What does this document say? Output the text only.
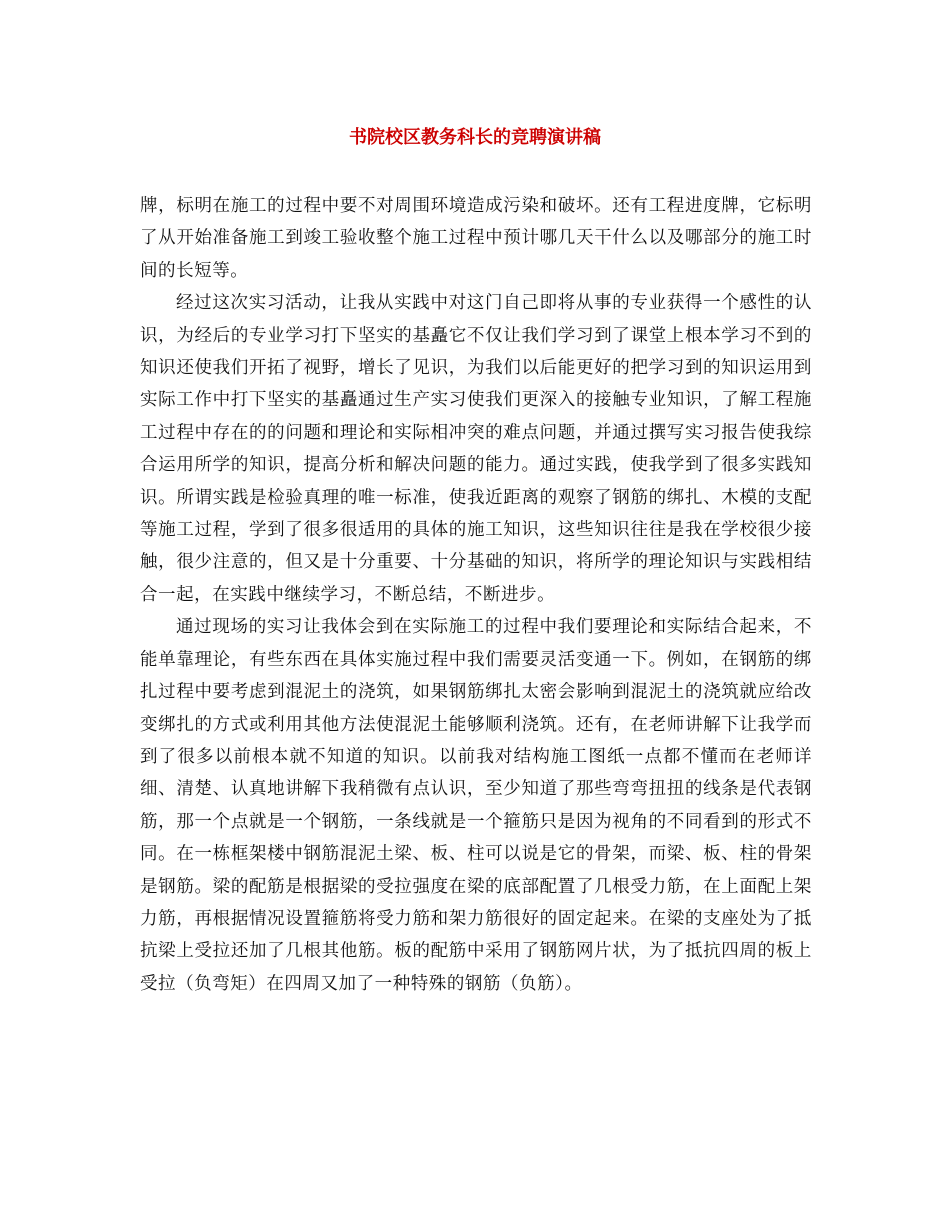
书院校区教务科长的竞聘演讲稿

牌，标明在施工的过程中要不对周围环境造成污染和破坏。还有工程进度牌，它标明了从开始准备施工到竣工验收整个施工过程中预计哪几天干什么以及哪部分的施工时间的长短等。

经过这次实习活动，让我从实践中对这门自己即将从事的专业获得一个感性的认识，为经后的专业学习打下坚实的基矗它不仅让我们学习到了课堂上根本学习不到的知识还使我们开拓了视野，增长了见识，为我们以后能更好的把学习到的知识运用到实际工作中打下坚实的基矗通过生产实习使我们更深入的接触专业知识，了解工程施工过程中存在的的问题和理论和实际相冲突的难点问题，并通过撰写实习报告使我综合运用所学的知识，提高分析和解决问题的能力。通过实践，使我学到了很多实践知识。所谓实践是检验真理的唯一标准，使我近距离的观察了钢筋的绑扎、木模的支配等施工过程，学到了很多很适用的具体的施工知识，这些知识往往是我在学校很少接触，很少注意的，但又是十分重要、十分基础的知识，将所学的理论知识与实践相结合一起，在实践中继续学习，不断总结，不断进步。

通过现场的实习让我体会到在实际施工的过程中我们要理论和实际结合起来，不能单靠理论，有些东西在具体实施过程中我们需要灵活变通一下。例如，在钢筋的绑扎过程中要考虑到混泥土的浇筑，如果钢筋绑扎太密会影响到混泥土的浇筑就应给改变绑扎的方式或利用其他方法使混泥土能够顺利浇筑。还有，在老师讲解下让我学而到了很多以前根本就不知道的知识。以前我对结构施工图纸一点都不懂而在老师详细、清楚、认真地讲解下我稍微有点认识，至少知道了那些弯弯扭扭的线条是代表钢筋，那一个点就是一个钢筋，一条线就是一个箍筋只是因为视角的不同看到的形式不同。在一栋框架楼中钢筋混泥土梁、板、柱可以说是它的骨架，而梁、板、柱的骨架是钢筋。梁的配筋是根据梁的受拉强度在梁的底部配置了几根受力筋，在上面配上架力筋，再根据情况设置箍筋将受力筋和架力筋很好的固定起来。在梁的支座处为了抵抗梁上受拉还加了几根其他筋。板的配筋中采用了钢筋网片状，为了抵抗四周的板上受拉（负弯矩）在四周又加了一种特殊的钢筋（负筋）。
